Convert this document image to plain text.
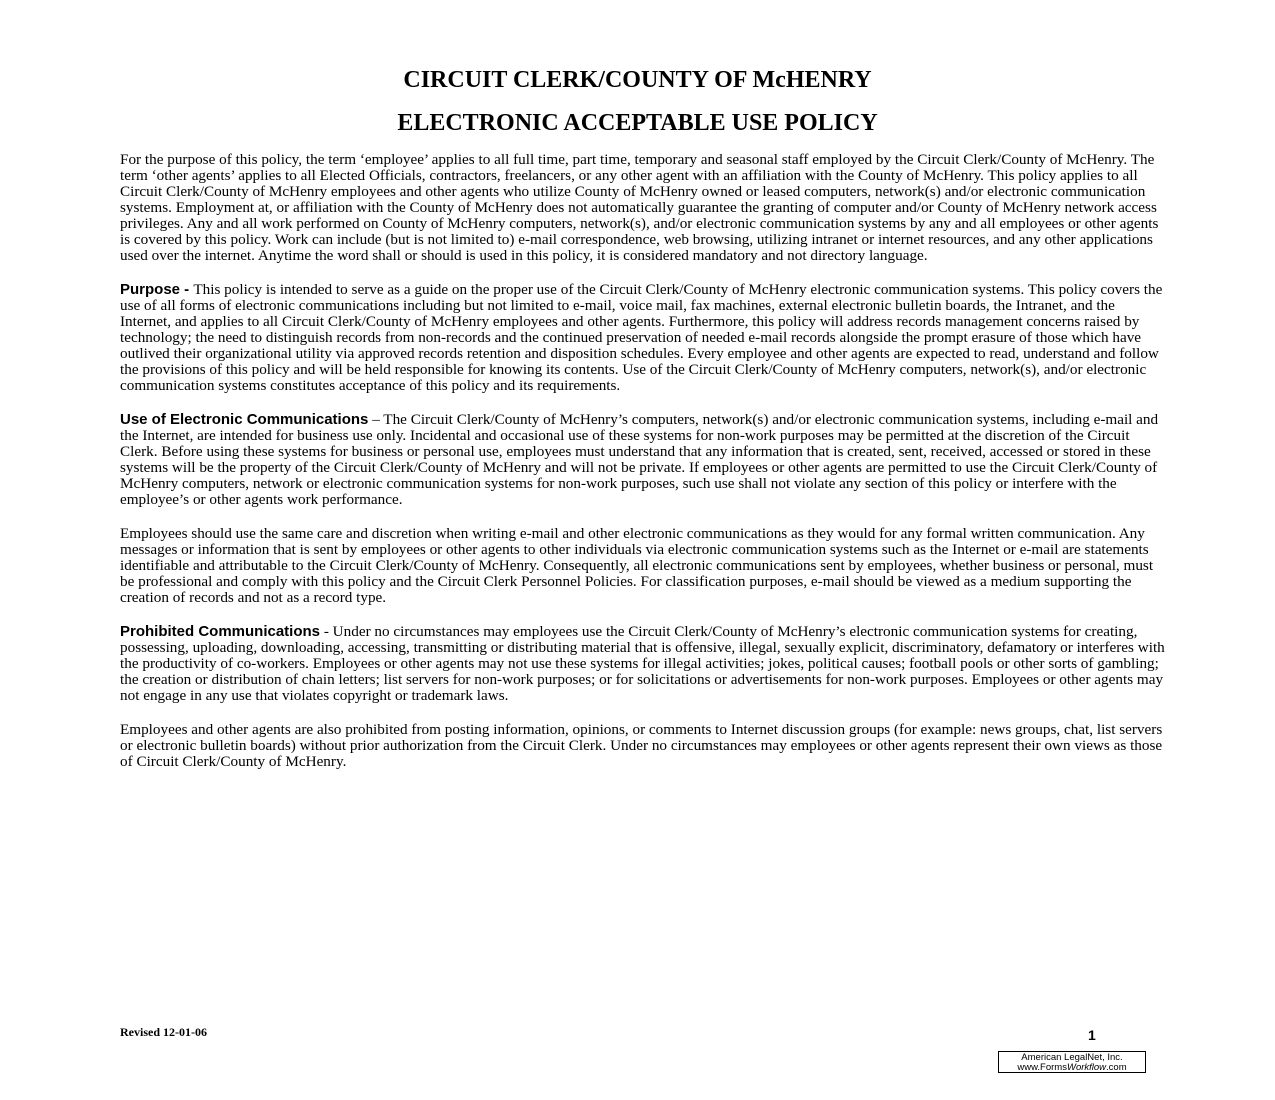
CIRCUIT CLERK/COUNTY OF McHENRY
ELECTRONIC ACCEPTABLE USE POLICY

For the purpose of this policy, the term ‘employee’ applies to all full time, part time, temporary and seasonal staff employed by the Circuit Clerk/County of McHenry. The term ‘other agents’ applies to all Elected Officials, contractors, freelancers, or any other agent with an affiliation with the County of McHenry. This policy applies to all Circuit Clerk/County of McHenry employees and other agents who utilize County of McHenry owned or leased computers, network(s) and/or electronic communication systems. Employment at, or affiliation with the County of McHenry does not automatically guarantee the granting of computer and/or County of McHenry network access privileges. Any and all work performed on County of McHenry computers, network(s), and/or electronic communication systems by any and all employees or other agents is covered by this policy. Work can include (but is not limited to) e-mail correspondence, web browsing, utilizing intranet or internet resources, and any other applications used over the internet. Anytime the word shall or should is used in this policy, it is considered mandatory and not directory language.

Purpose - This policy is intended to serve as a guide on the proper use of the Circuit Clerk/County of McHenry electronic communication systems. This policy covers the use of all forms of electronic communications including but not limited to e-mail, voice mail, fax machines, external electronic bulletin boards, the Intranet, and the Internet, and applies to all Circuit Clerk/County of McHenry employees and other agents. Furthermore, this policy will address records management concerns raised by technology; the need to distinguish records from non-records and the continued preservation of needed e-mail records alongside the prompt erasure of those which have outlived their organizational utility via approved records retention and disposition schedules. Every employee and other agents are expected to read, understand and follow the provisions of this policy and will be held responsible for knowing its contents. Use of the Circuit Clerk/County of McHenry computers, network(s), and/or electronic communication systems constitutes acceptance of this policy and its requirements.

Use of Electronic Communications – The Circuit Clerk/County of McHenry’s computers, network(s) and/or electronic communication systems, including e-mail and the Internet, are intended for business use only. Incidental and occasional use of these systems for non-work purposes may be permitted at the discretion of the Circuit Clerk. Before using these systems for business or personal use, employees must understand that any information that is created, sent, received, accessed or stored in these systems will be the property of the Circuit Clerk/County of McHenry and will not be private. If employees or other agents are permitted to use the Circuit Clerk/County of McHenry computers, network or electronic communication systems for non-work purposes, such use shall not violate any section of this policy or interfere with the employee’s or other agents work performance.

Employees should use the same care and discretion when writing e-mail and other electronic communications as they would for any formal written communication. Any messages or information that is sent by employees or other agents to other individuals via electronic communication systems such as the Internet or e-mail are statements identifiable and attributable to the Circuit Clerk/County of McHenry. Consequently, all electronic communications sent by employees, whether business or personal, must be professional and comply with this policy and the Circuit Clerk Personnel Policies. For classification purposes, e-mail should be viewed as a medium supporting the creation of records and not as a record type.

Prohibited Communications - Under no circumstances may employees use the Circuit Clerk/County of McHenry’s electronic communication systems for creating, possessing, uploading, downloading, accessing, transmitting or distributing material that is offensive, illegal, sexually explicit, discriminatory, defamatory or interferes with the productivity of co-workers. Employees or other agents may not use these systems for illegal activities; jokes, political causes; football pools or other sorts of gambling; the creation or distribution of chain letters; list servers for non-work purposes; or for solicitations or advertisements for non-work purposes. Employees or other agents may not engage in any use that violates copyright or trademark laws.

Employees and other agents are also prohibited from posting information, opinions, or comments to Internet discussion groups (for example: news groups, chat, list servers or electronic bulletin boards) without prior authorization from the Circuit Clerk. Under no circumstances may employees or other agents represent their own views as those of Circuit Clerk/County of McHenry.

Revised 12-01-06	1
American LegalNet, Inc.
www.FormsWorkflow.com
